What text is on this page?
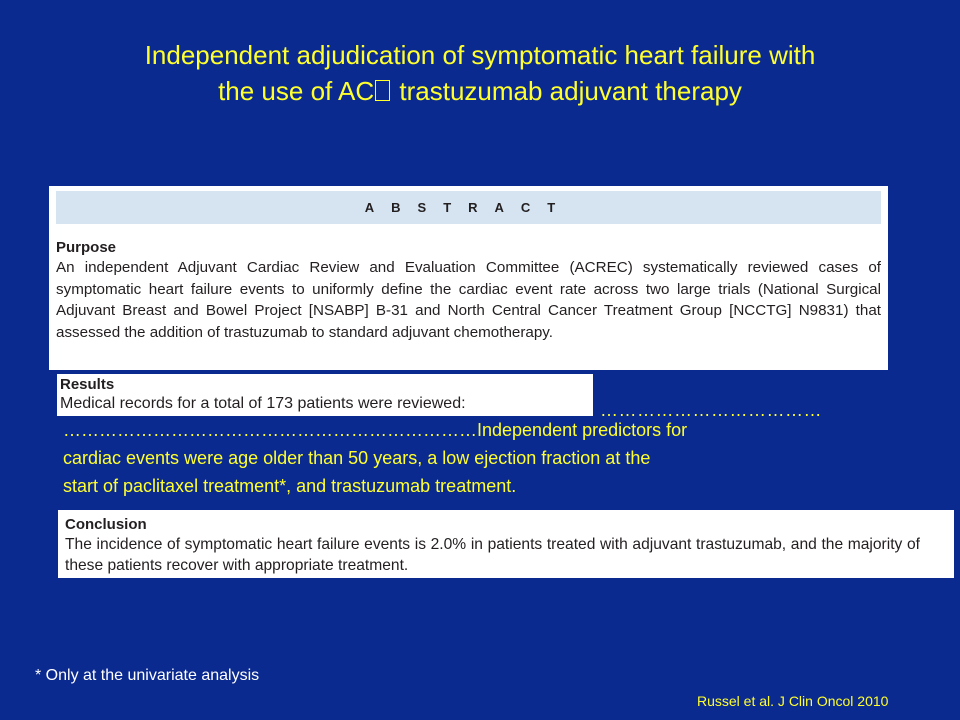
Independent adjudication of symptomatic heart failure with
the use of AC trastuzumab adjuvant therapy
ABSTRACT

Purpose

An independent Adjuvant Cardiac Review and Evaluation Committee (ACREC) systematically reviewed cases of symptomatic heart failure events to uniformly define the cardiac event rate across two large trials (National Surgical Adjuvant Breast and Bowel Project [NSABP] B-31 and North Central Cancer Treatment Group [NCCTG] N9831) that assessed the addition of trastuzumab to standard adjuvant chemotherapy.

Results

Medical records for a total of 173 patients were reviewed:	………………………………

……………………………………………………………Independent predictors for

cardiac events were age older than 50 years, a low ejection fraction at the

start of paclitaxel treatment*, and trastuzumab treatment.

Conclusion

The incidence of symptomatic heart failure events is 2.0% in patients treated with adjuvant trastuzumab, and the majority of these patients recover with appropriate treatment.

* Only at the univariate analysis

Russel et al. J Clin Oncol 2010
